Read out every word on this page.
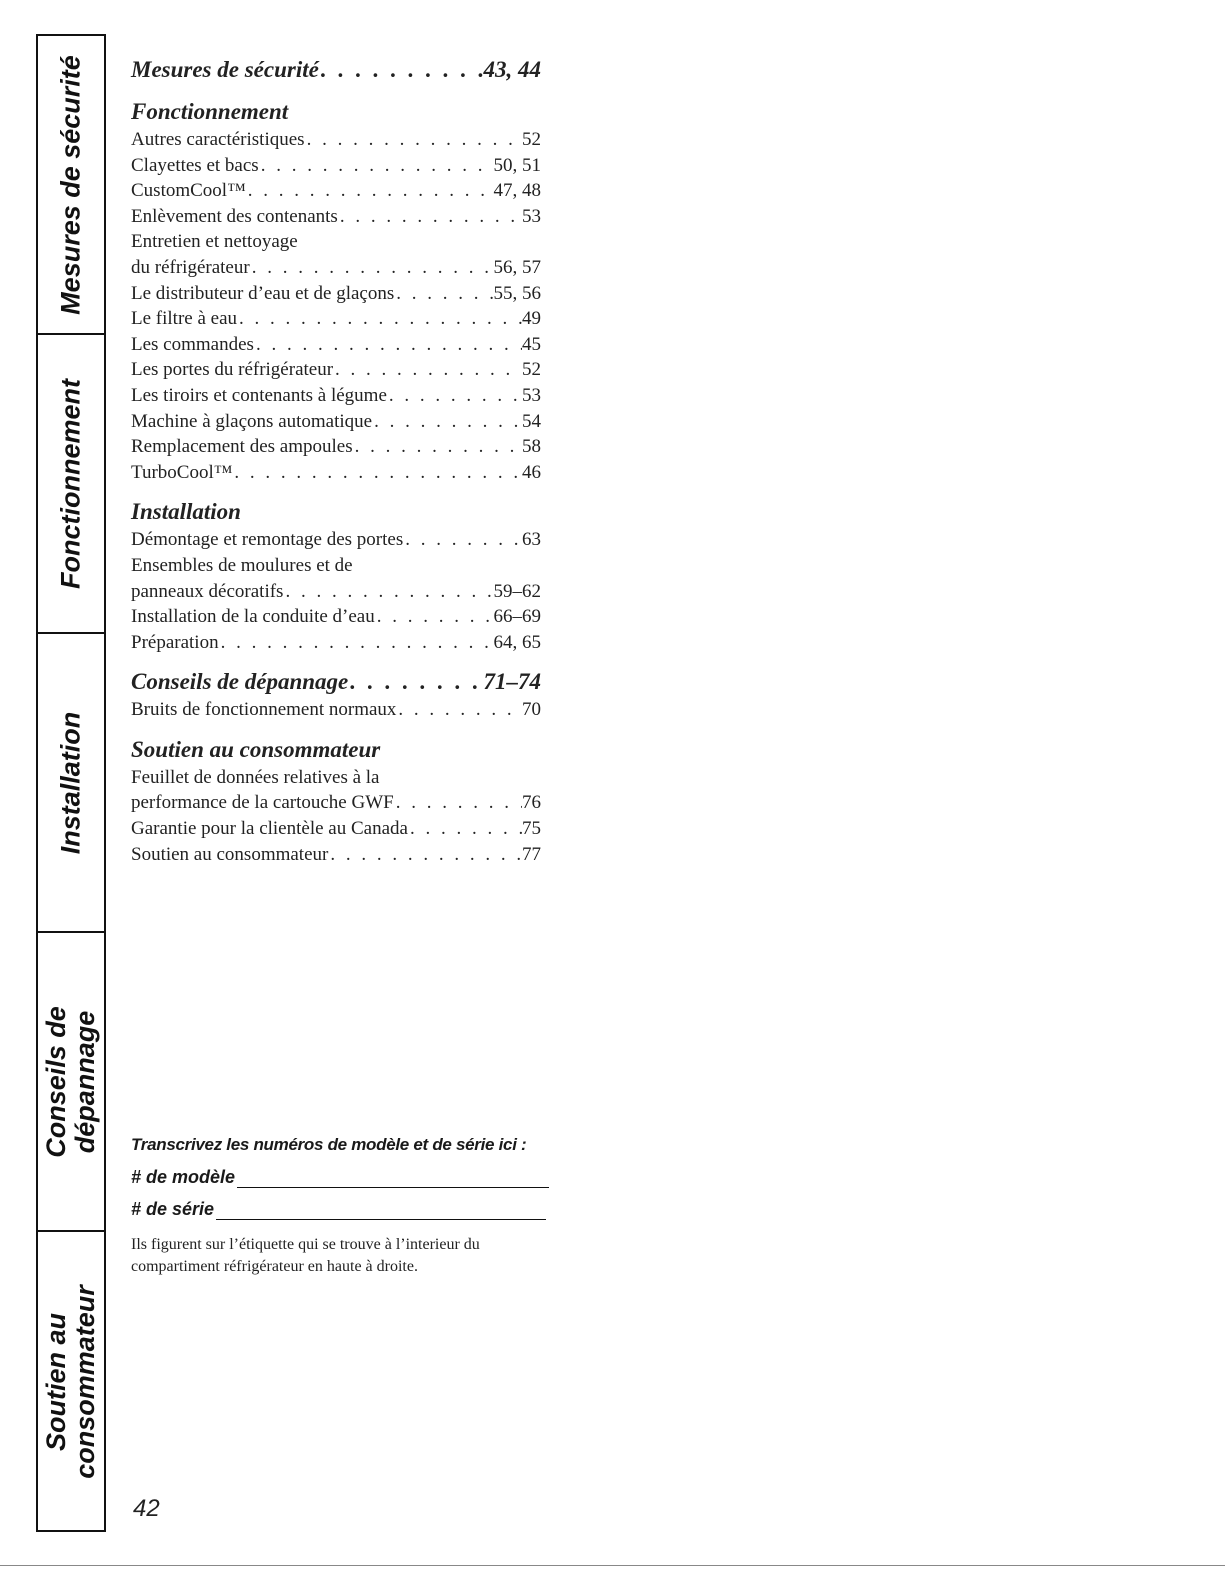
Mesures de sécurité
Fonctionnement
Installation
Conseils de dépannage
Soutien au
consommateur
Mesures de sécurité . . .	43, 44
Fonctionnement
Autres caractéristiques . . .	52
Clayettes et bacs . . .	50, 51
CustomCool™ . . .	47, 48
Enlèvement des contenants . . .	53
Entretien et nettoyage
du réfrigérateur . . .	56, 57
Le distributeur d’eau et de glaçons . . .	55, 56
Le filtre à eau . . .	49
Les commandes . . .	45
Les portes du réfrigérateur . . .	52
Les tiroirs et contenants à légume . . .	53
Machine à glaçons automatique . . .	54
Remplacement des ampoules . . .	58
TurboCool™ . . .	46
Installation
Démontage et remontage des portes . . .	63
Ensembles de moulures et de
panneaux décoratifs . . .	59–62
Installation de la conduite d’eau . . .	66–69
Préparation . . .	64, 65
Conseils de dépannage . . .	71–74
Bruits de fonctionnement normaux . . .	70
Soutien au consommateur
Feuillet de données relatives à la
performance de la cartouche GWF . . .	76
Garantie pour la clientèle au Canada . . .	75
Soutien au consommateur . . .	77
Transcrivez les numéros de modèle et de série ici :
# de modèle
# de série
Ils figurent sur l’étiquette qui se trouve à l’interieur du compartiment réfrigérateur en haute à droite.
42
